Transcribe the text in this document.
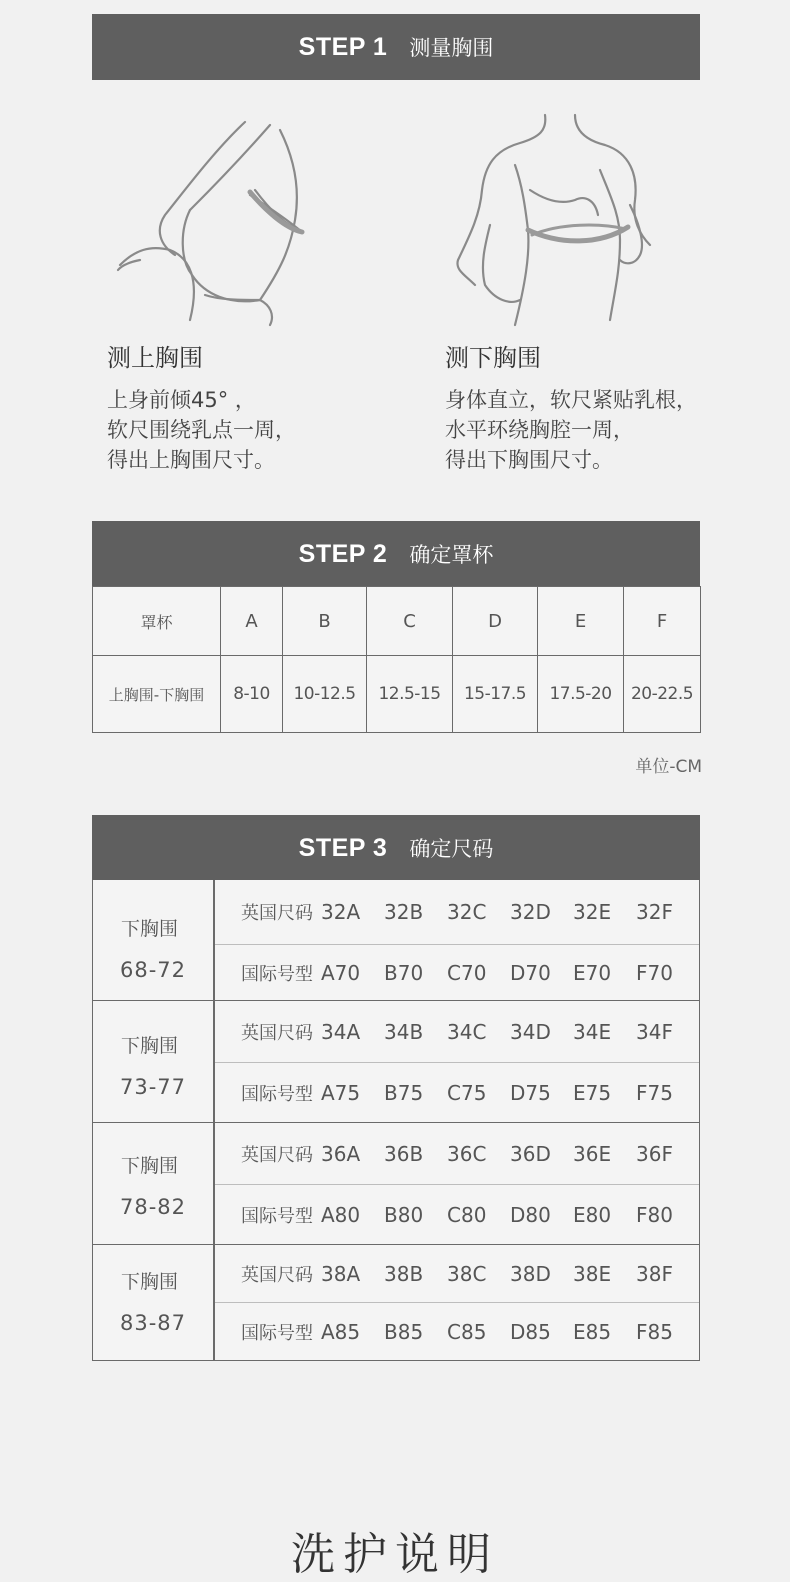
STEP 1 测量胸围
测上胸围
上身前倾45° ，
软尺围绕乳点一周，
得出上胸围尺寸。
测下胸围
身体直立，软尺紧贴乳根，
水平环绕胸腔一周，
得出下胸围尺寸。
STEP 2 确定罩杯
罩杯	A	B	C	D	E	F
上胸围-下胸围	8-10	10-12.5	12.5-15	15-17.5	17.5-20	20-22.5
单位-CM
STEP 3 确定尺码
下胸围
68-72
英国尺码 32A	32B	32C	32D	32E	32F
国际号型 A70	B70	C70	D70	E70	F70
下胸围
73-77
英国尺码 34A	34B	34C	34D	34E	34F
国际号型 A75	B75	C75	D75	E75	F75
下胸围
78-82
英国尺码 36A	36B	36C	36D	36E	36F
国际号型 A80	B80	C80	D80	E80	F80
下胸围
83-87
英国尺码 38A	38B	38C	38D	38E	38F
国际号型 A85	B85	C85	D85	E85	F85
洗护说明
